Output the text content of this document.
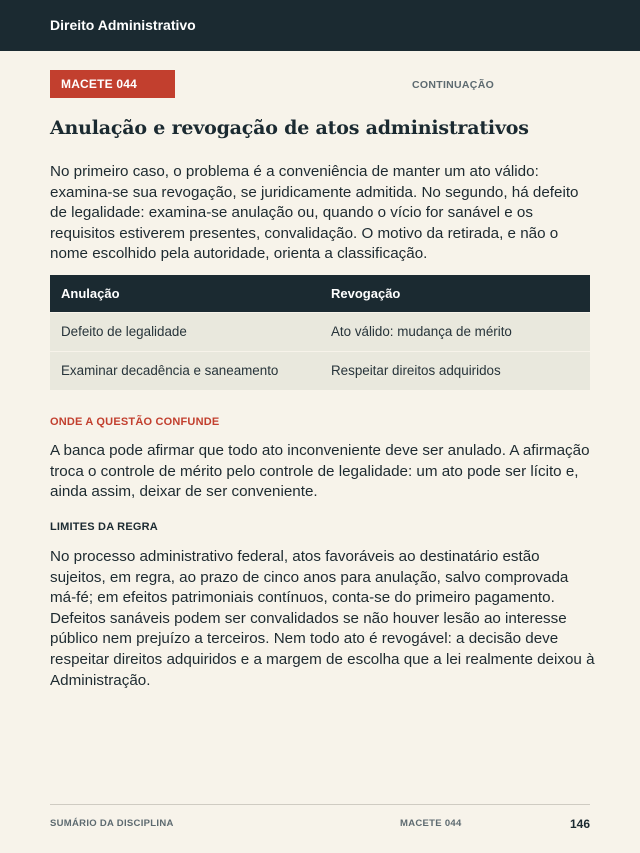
Direito Administrativo
MACETE 044	CONTINUAÇÃO
Anulação e revogação de atos administrativos

No primeiro caso, o problema é a conveniência de manter um ato válido: examina-se sua revogação, se juridicamente admitida. No segundo, há defeito de legalidade: examina-se anulação ou, quando o vício for sanável e os requisitos estiverem presentes, convalidação. O motivo da retirada, e não o nome escolhido pela autoridade, orienta a classificação.

Anulação	Revogação
Defeito de legalidade	Ato válido: mudança de mérito
Examinar decadência e saneamento	Respeitar direitos adquiridos
ONDE A QUESTÃO CONFUNDE

A banca pode afirmar que todo ato inconveniente deve ser anulado. A afirmação troca o controle de mérito pelo controle de legalidade: um ato pode ser lícito e, ainda assim, deixar de ser conveniente.

LIMITES DA REGRA

No processo administrativo federal, atos favoráveis ao destinatário estão sujeitos, em regra, ao prazo de cinco anos para anulação, salvo comprovada má-fé; em efeitos patrimoniais contínuos, conta-se do primeiro pagamento. Defeitos sanáveis podem ser convalidados se não houver lesão ao interesse público nem prejuízo a terceiros. Nem todo ato é revogável: a decisão deve respeitar direitos adquiridos e a margem de escolha que a lei realmente deixou à Administração.

SUMÁRIO DA DISCIPLINA	MACETE 044	146
